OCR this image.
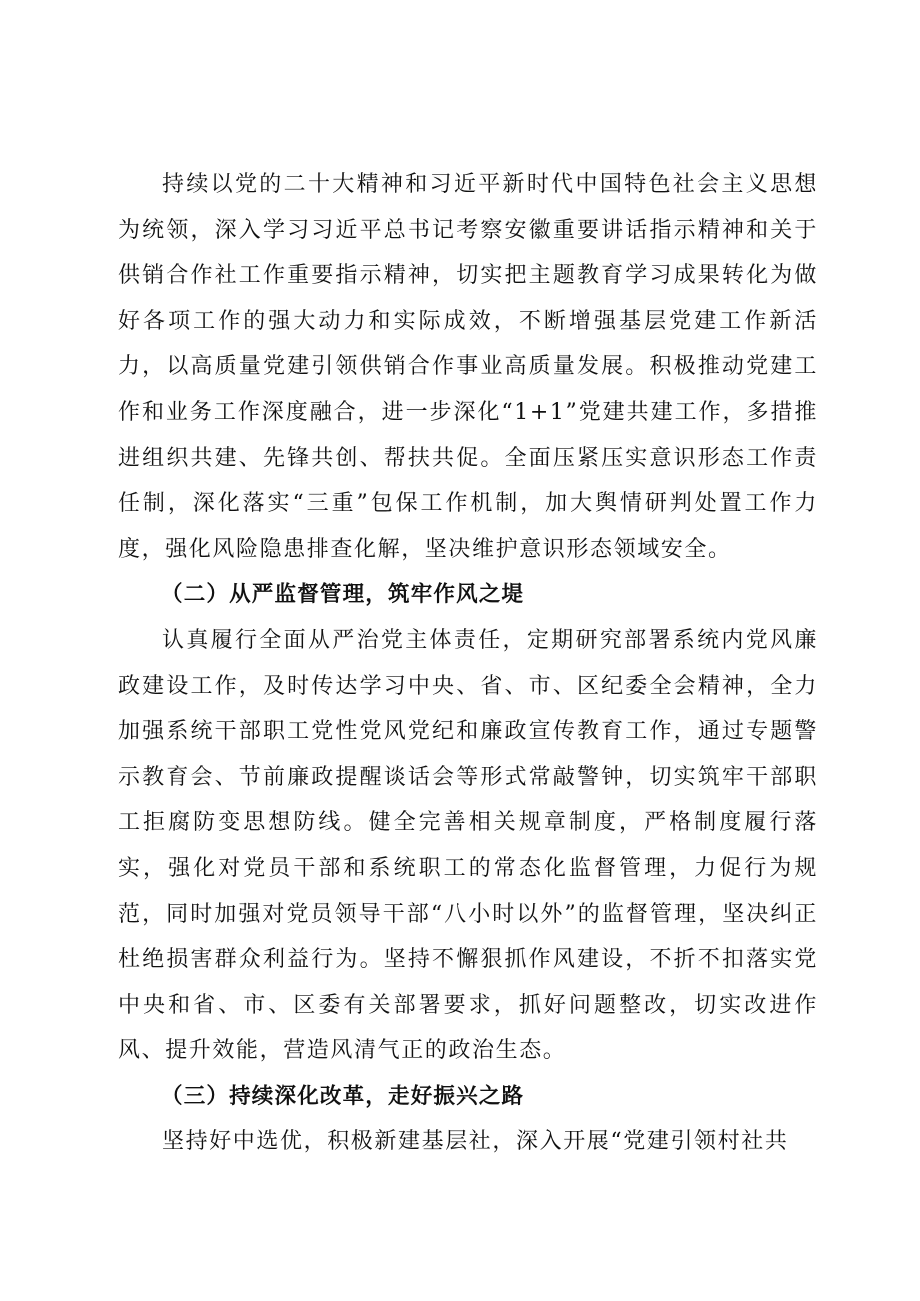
持续以党的二十大精神和习近平新时代中国特色社会主义思想为统领，深入学习习近平总书记考察安徽重要讲话指示精神和关于供销合作社工作重要指示精神，切实把主题教育学习成果转化为做好各项工作的强大动力和实际成效，不断增强基层党建工作新活力，以高质量党建引领供销合作事业高质量发展。积极推动党建工作和业务工作深度融合，进一步深化“1+1”党建共建工作，多措推进组织共建、先锋共创、帮扶共促。全面压紧压实意识形态工作责任制，深化落实“三重”包保工作机制，加大舆情研判处置工作力度，强化风险隐患排查化解，坚决维护意识形态领域安全。

（二）从严监督管理，筑牢作风之堤

认真履行全面从严治党主体责任，定期研究部署系统内党风廉政建设工作，及时传达学习中央、省、市、区纪委全会精神，全力加强系统干部职工党性党风党纪和廉政宣传教育工作，通过专题警示教育会、节前廉政提醒谈话会等形式常敲警钟，切实筑牢干部职工拒腐防变思想防线。健全完善相关规章制度，严格制度履行落实，强化对党员干部和系统职工的常态化监督管理，力促行为规范，同时加强对党员领导干部“八小时以外”的监督管理，坚决纠正杜绝损害群众利益行为。坚持不懈狠抓作风建设，不折不扣落实党中央和省、市、区委有关部署要求，抓好问题整改，切实改进作风、提升效能，营造风清气正的政治生态。

（三）持续深化改革，走好振兴之路

坚持好中选优，积极新建基层社，深入开展“党建引领村社共
